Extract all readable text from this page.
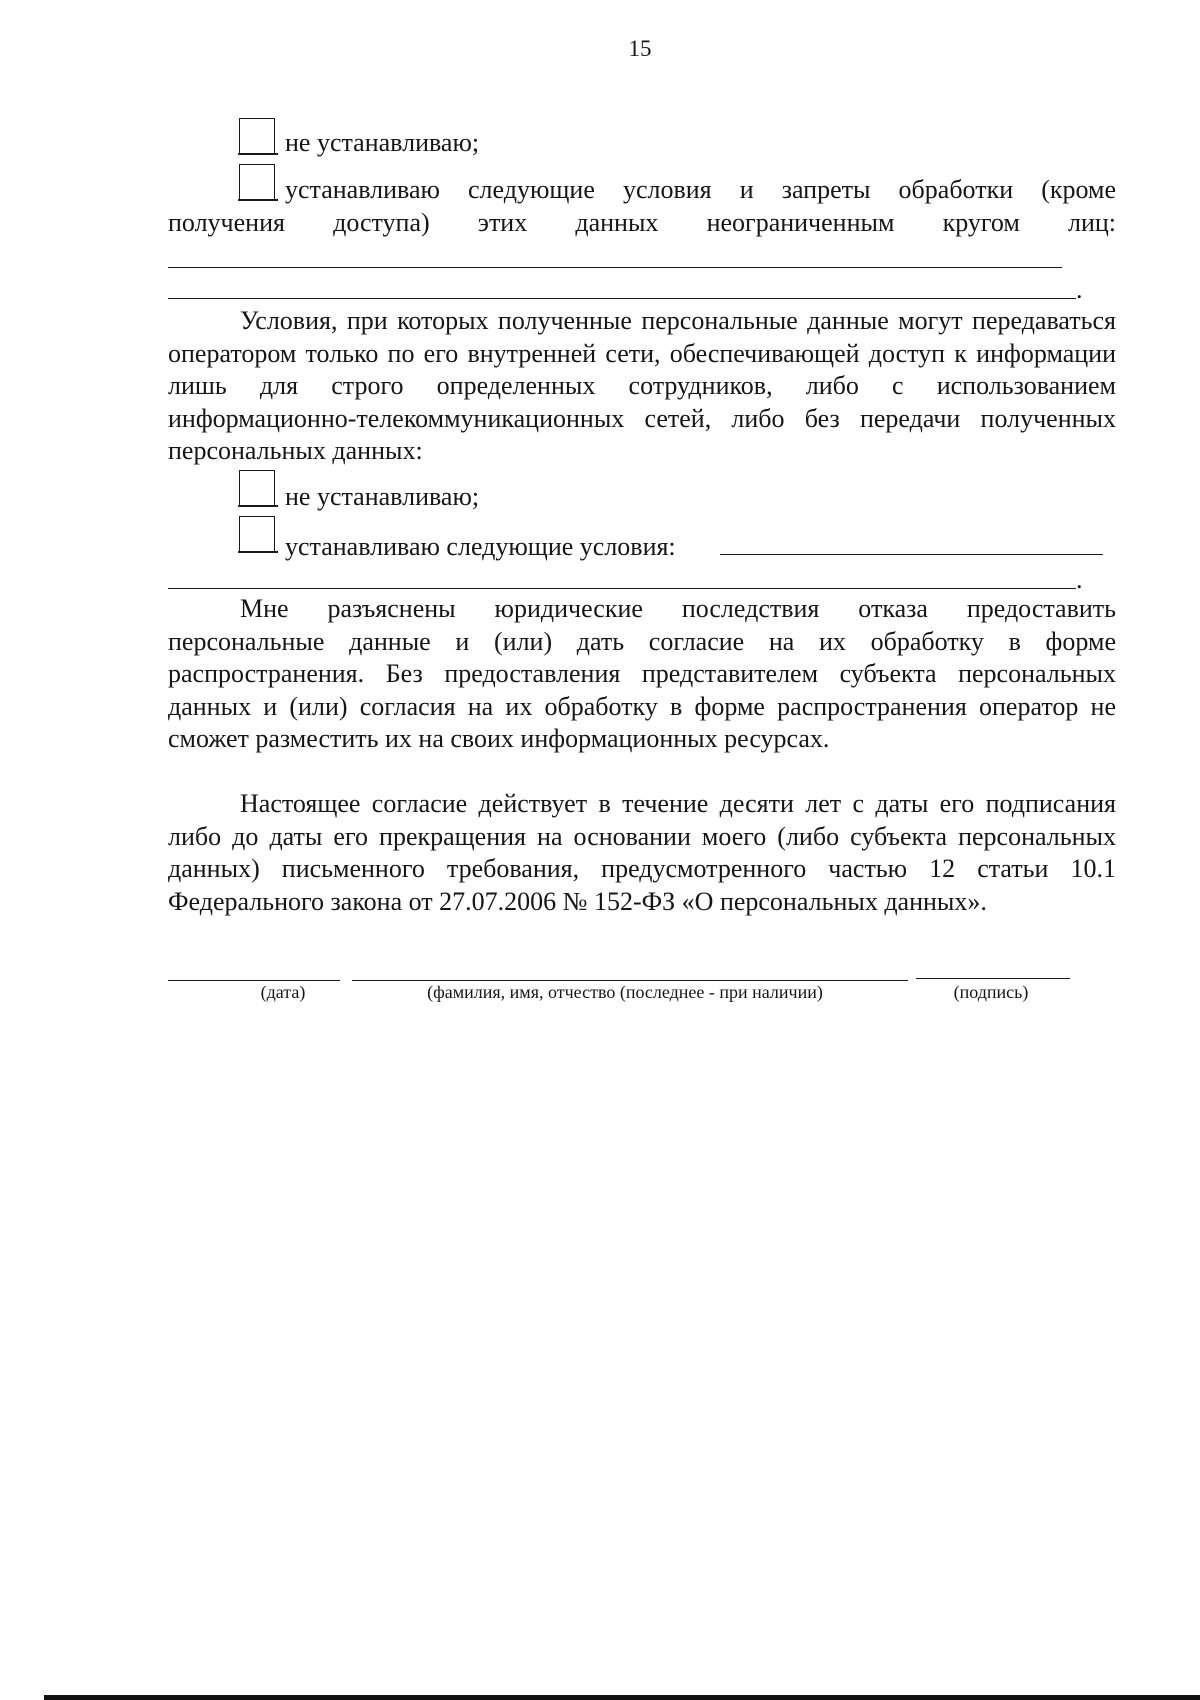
15
не устанавливаю;
устанавливаю следующие условия и запреты обработки (кроме
получения доступа) этих данных неограниченным кругом лиц:
.
Условия, при которых полученные персональные данные могут передаваться оператором только по его внутренней сети, обеспечивающей доступ к информации лишь для строго определенных сотрудников, либо с использованием информационно-телекоммуникационных сетей, либо без передачи полученных персональных данных:
не устанавливаю;
устанавливаю следующие условия:
.
Мне разъяснены юридические последствия отказа предоставить персональные данные и (или) дать согласие на их обработку в форме распространения. Без предоставления представителем субъекта персональных данных и (или) согласия на их обработку в форме распространения оператор не сможет разместить их на своих информационных ресурсах.
Настоящее согласие действует в течение десяти лет с даты его подписания либо до даты его прекращения на основании моего (либо субъекта персональных данных) письменного требования, предусмотренного частью 12 статьи 10.1 Федерального закона от 27.07.2006 № 152-ФЗ «О персональных данных».
(дата)	(фамилия, имя, отчество (последнее - при наличии)	(подпись)
